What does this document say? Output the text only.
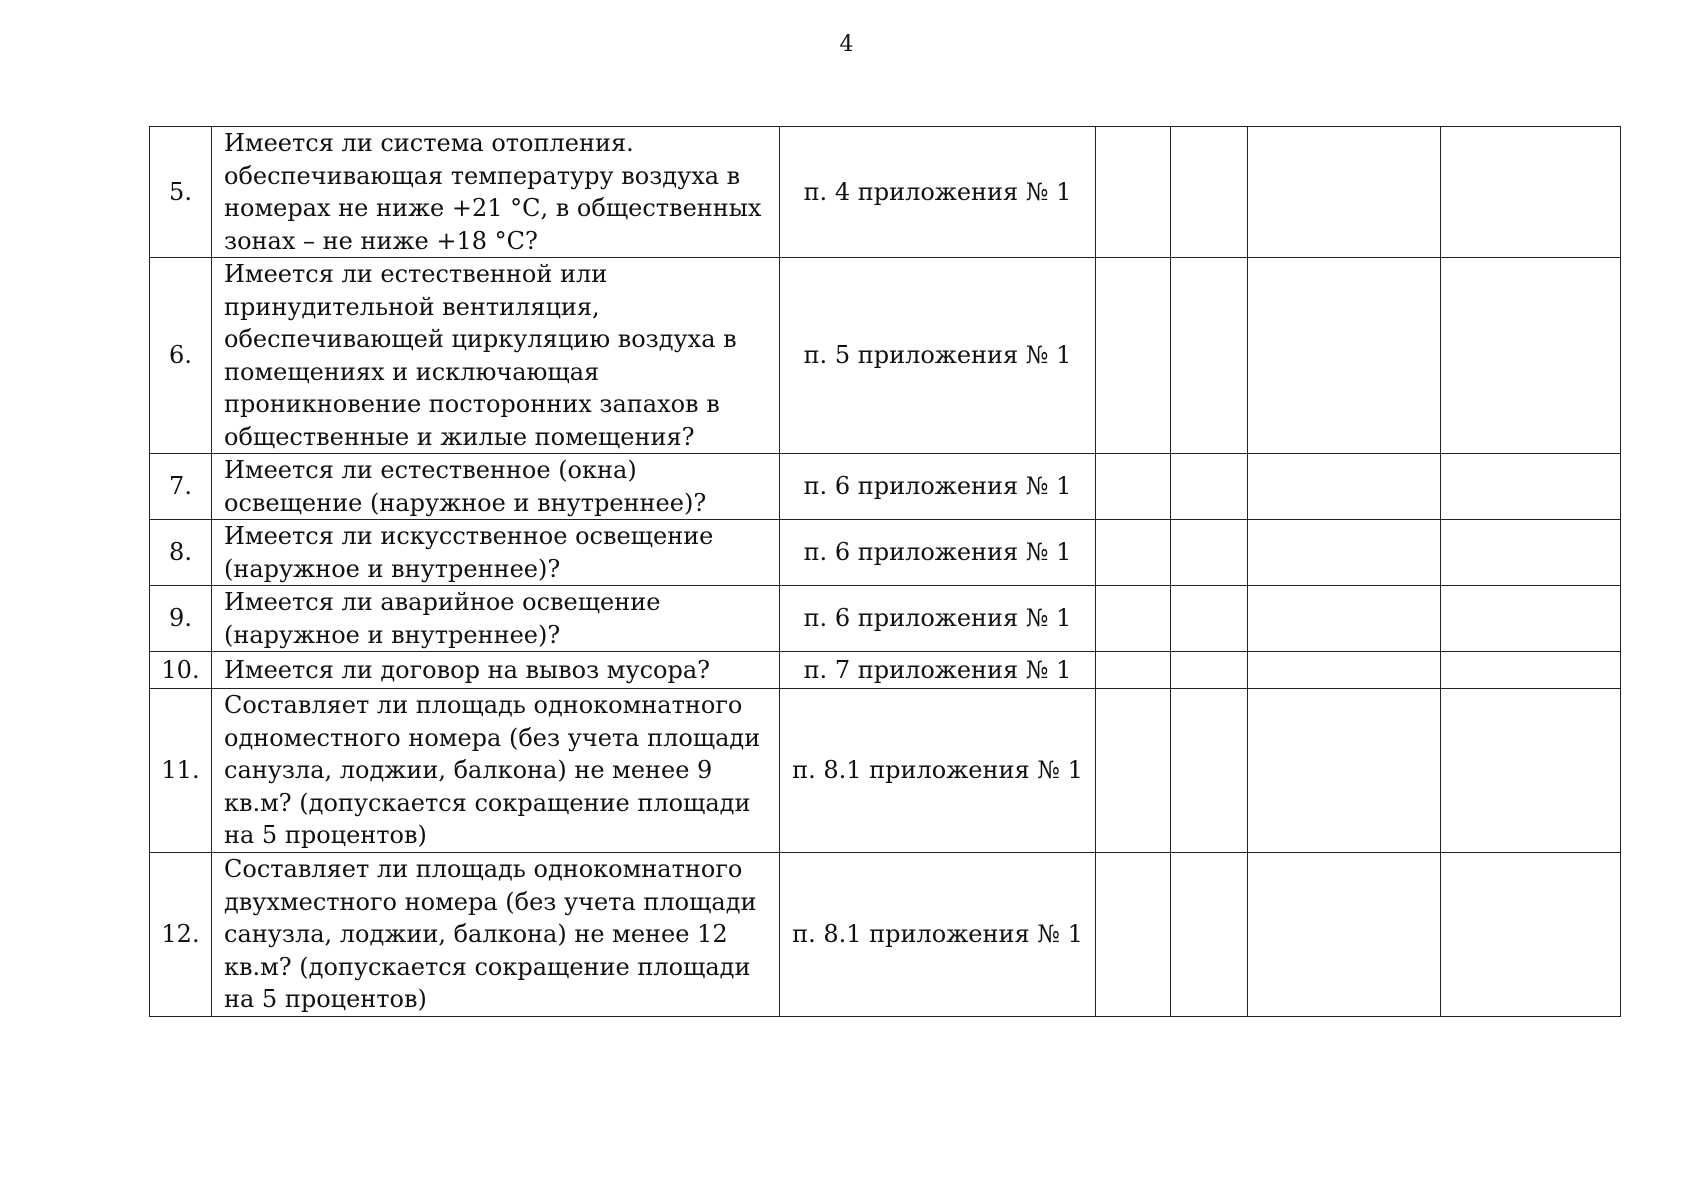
4
5.	Имеется ли система отопления. обеспечивающая температуру воздуха в номерах не ниже +21 °С, в общественных зонах – не ниже +18 °С?	п. 4 приложения № 1				
6.	Имеется ли естественной или принудительной вентиляция, обеспечивающей циркуляцию воздуха в помещениях и исключающая проникновение посторонних запахов в общественные и жилые помещения?	п. 5 приложения № 1				
7.	Имеется ли естественное (окна) освещение (наружное и внутреннее)?	п. 6 приложения № 1				
8.	Имеется ли искусственное освещение (наружное и внутреннее)?	п. 6 приложения № 1				
9.	Имеется ли аварийное освещение (наружное и внутреннее)?	п. 6 приложения № 1				
10.	Имеется ли договор на вывоз мусора?	п. 7 приложения № 1				
11.	Составляет ли площадь однокомнатного одноместного номера (без учета площади санузла, лоджии, балкона) не менее 9 кв.м? (допускается сокращение площади на 5 процентов)	п. 8.1 приложения № 1				
12.	Составляет ли площадь однокомнатного двухместного номера (без учета площади санузла, лоджии, балкона) не менее 12 кв.м? (допускается сокращение площади на 5 процентов)	п. 8.1 приложения № 1				
